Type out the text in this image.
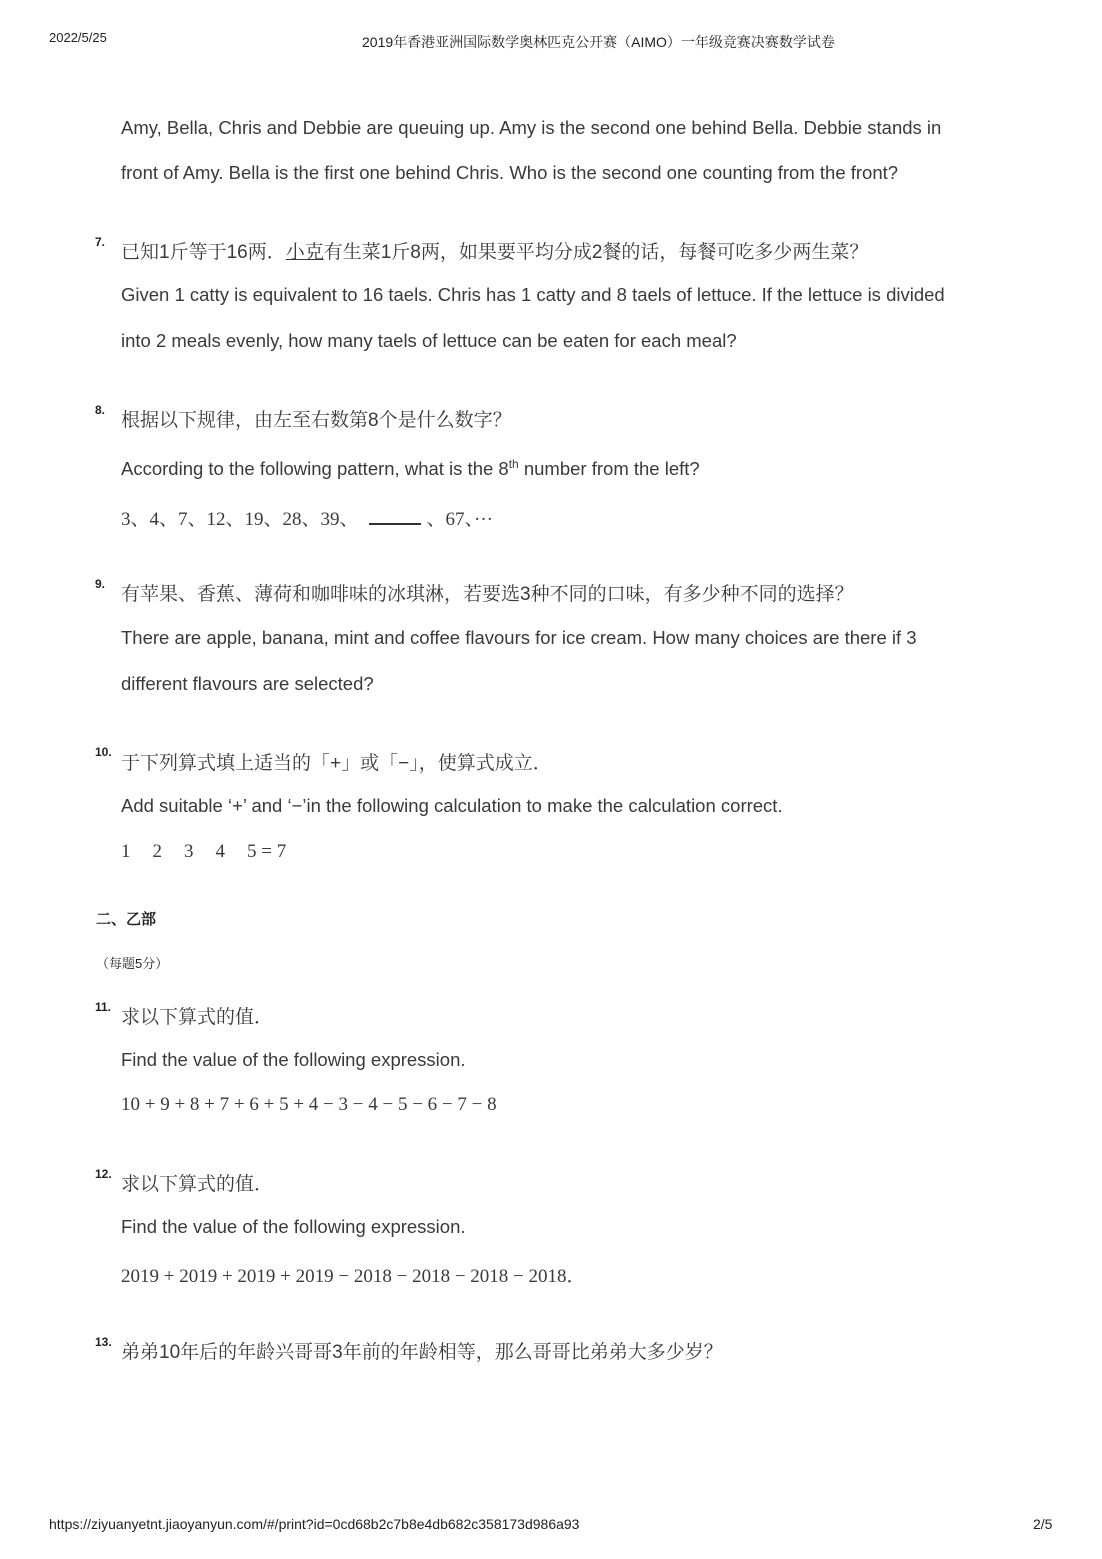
2022/5/25	2019年香港亚洲国际数学奥林匹克公开赛（AIMO）一年级竞赛决赛数学试卷
Amy, Bella, Chris and Debbie are queuing up. Amy is the second one behind Bella. Debbie stands in
front of Amy. Bella is the first one behind Chris. Who is the second one counting from the front?
7. 已知1斤等于16两．小克有生菜1斤8两，如果要平均分成2餐的话，每餐可吃多少两生菜？
Given 1 catty is equivalent to 16 taels. Chris has 1 catty and 8 taels of lettuce. If the lettuce is divided
into 2 meals evenly, how many taels of lettuce can be eaten for each meal?
8. 根据以下规律，由左至右数第8个是什么数字？
According to the following pattern, what is the 8th number from the left?
3、4、7、12、19、28、39、	、67、···
9. 有苹果、香蕉、薄荷和咖啡味的冰琪淋，若要选3种不同的口味，有多少种不同的选择？
There are apple, banana, mint and coffee flavours for ice cream. How many choices are there if 3
different flavours are selected?
10.
于下列算式填上适当的「+」或「−」，使算式成立．
Add suitable ‘+’ and ‘−’in the following calculation to make the calculation correct.
1 2 3 4 5 = 7
二、乙部
（每题5分）
11. 求以下算式的值．
Find the value of the following expression.
10 + 9 + 8 + 7 + 6 + 5 + 4 − 3 − 4 − 5 − 6 − 7 − 8
12. 求以下算式的值．
Find the value of the following expression.
2019 + 2019 + 2019 + 2019 − 2018 − 2018 − 2018 − 2018．
13. 弟弟10年后的年龄兴哥哥3年前的年龄相等，那么哥哥比弟弟大多少岁？
https://ziyuanyetnt.jiaoyanyun.com/#/print?id=0cd68b2c7b8e4db682c358173d986a93	2/5
